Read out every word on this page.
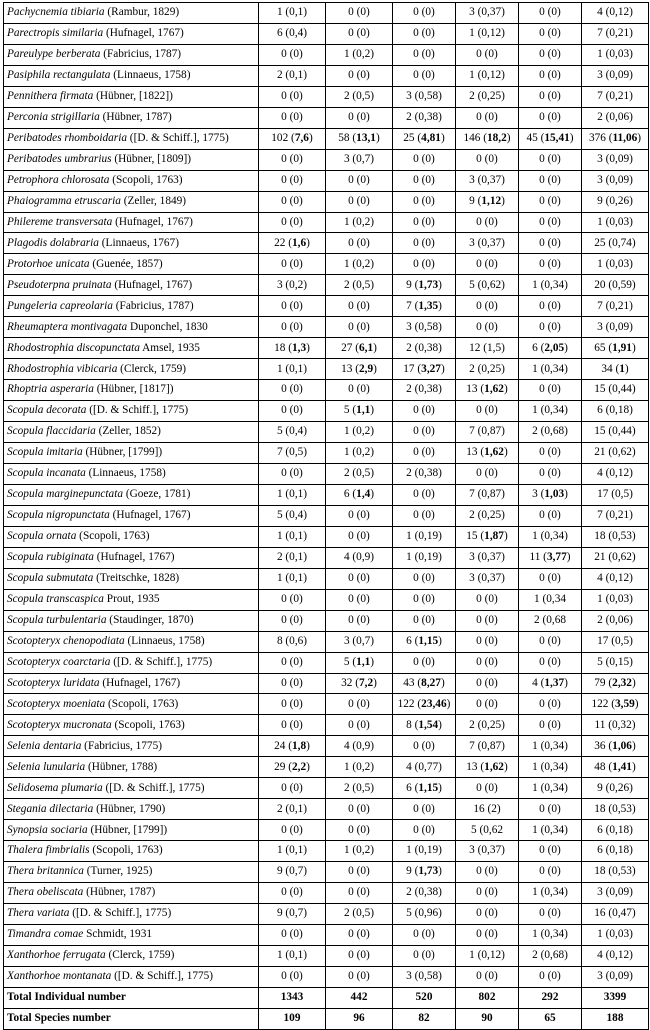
Pachycnemia tibiaria (Rambur, 1829)	1 (0,1)	0 (0)	0 (0)	3 (0,37)	0 (0)	4 (0,12)
Parectropis similaria (Hufnagel, 1767)	6 (0,4)	0 (0)	0 (0)	1 (0,12)	0 (0)	7 (0,21)
Pareulype berberata (Fabricius, 1787)	0 (0)	1 (0,2)	0 (0)	0 (0)	0 (0)	1 (0,03)
Pasiphila rectangulata (Linnaeus, 1758)	2 (0,1)	0 (0)	0 (0)	1 (0,12)	0 (0)	3 (0,09)
Pennithera firmata (Hübner, [1822])	0 (0)	2 (0,5)	3 (0,58)	2 (0,25)	0 (0)	7 (0,21)
Perconia strigillaria (Hübner, 1787)	0 (0)	0 (0)	2 (0,38)	0 (0)	0 (0)	2 (0,06)
Peribatodes rhomboidaria ([D. & Schiff.], 1775)	102 (7,6)	58 (13,1)	25 (4,81)	146 (18,2)	45 (15,41)	376 (11,06)
Peribatodes umbrarius (Hübner, [1809])	0 (0)	3 (0,7)	0 (0)	0 (0)	0 (0)	3 (0,09)
Petrophora chlorosata (Scopoli, 1763)	0 (0)	0 (0)	0 (0)	3 (0,37)	0 (0)	3 (0,09)
Phaiogramma etruscaria (Zeller, 1849)	0 (0)	0 (0)	0 (0)	9 (1,12)	0 (0)	9 (0,26)
Philereme transversata (Hufnagel, 1767)	0 (0)	1 (0,2)	0 (0)	0 (0)	0 (0)	1 (0,03)
Plagodis dolabraria (Linnaeus, 1767)	22 (1,6)	0 (0)	0 (0)	3 (0,37)	0 (0)	25 (0,74)
Protorhoe unicata (Guenée, 1857)	0 (0)	1 (0,2)	0 (0)	0 (0)	0 (0)	1 (0,03)
Pseudoterpna pruinata (Hufnagel, 1767)	3 (0,2)	2 (0,5)	9 (1,73)	5 (0,62)	1 (0,34)	20 (0,59)
Pungeleria capreolaria (Fabricius, 1787)	0 (0)	0 (0)	7 (1,35)	0 (0)	0 (0)	7 (0,21)
Rheumaptera montivagata Duponchel, 1830	0 (0)	0 (0)	3 (0,58)	0 (0)	0 (0)	3 (0,09)
Rhodostrophia discopunctata Amsel, 1935	18 (1,3)	27 (6,1)	2 (0,38)	12 (1,5)	6 (2,05)	65 (1,91)
Rhodostrophia vibicaria (Clerck, 1759)	1 (0,1)	13 (2,9)	17 (3,27)	2 (0,25)	1 (0,34)	34 (1)
Rhoptria asperaria (Hübner, [1817])	0 (0)	0 (0)	2 (0,38)	13 (1,62)	0 (0)	15 (0,44)
Scopula decorata ([D. & Schiff.], 1775)	0 (0)	5 (1,1)	0 (0)	0 (0)	1 (0,34)	6 (0,18)
Scopula flaccidaria (Zeller, 1852)	5 (0,4)	1 (0,2)	0 (0)	7 (0,87)	2 (0,68)	15 (0,44)
Scopula imitaria (Hübner, [1799])	7 (0,5)	1 (0,2)	0 (0)	13 (1,62)	0 (0)	21 (0,62)
Scopula incanata (Linnaeus, 1758)	0 (0)	2 (0,5)	2 (0,38)	0 (0)	0 (0)	4 (0,12)
Scopula marginepunctata (Goeze, 1781)	1 (0,1)	6 (1,4)	0 (0)	7 (0,87)	3 (1,03)	17 (0,5)
Scopula nigropunctata (Hufnagel, 1767)	5 (0,4)	0 (0)	0 (0)	2 (0,25)	0 (0)	7 (0,21)
Scopula ornata (Scopoli, 1763)	1 (0,1)	0 (0)	1 (0,19)	15 (1,87)	1 (0,34)	18 (0,53)
Scopula rubiginata (Hufnagel, 1767)	2 (0,1)	4 (0,9)	1 (0,19)	3 (0,37)	11 (3,77)	21 (0,62)
Scopula submutata (Treitschke, 1828)	1 (0,1)	0 (0)	0 (0)	3 (0,37)	0 (0)	4 (0,12)
Scopula transcaspica Prout, 1935	0 (0)	0 (0)	0 (0)	0 (0)	1 (0,34	1 (0,03)
Scopula turbulentaria (Staudinger, 1870)	0 (0)	0 (0)	0 (0)	0 (0)	2 (0,68	2 (0,06)
Scotopteryx chenopodiata (Linnaeus, 1758)	8 (0,6)	3 (0,7)	6 (1,15)	0 (0)	0 (0)	17 (0,5)
Scotopteryx coarctaria ([D. & Schiff.], 1775)	0 (0)	5 (1,1)	0 (0)	0 (0)	0 (0)	5 (0,15)
Scotopteryx luridata (Hufnagel, 1767)	0 (0)	32 (7,2)	43 (8,27)	0 (0)	4 (1,37)	79 (2,32)
Scotopteryx moeniata (Scopoli, 1763)	0 (0)	0 (0)	122 (23,46)	0 (0)	0 (0)	122 (3,59)
Scotopteryx mucronata (Scopoli, 1763)	0 (0)	0 (0)	8 (1,54)	2 (0,25)	0 (0)	11 (0,32)
Selenia dentaria (Fabricius, 1775)	24 (1,8)	4 (0,9)	0 (0)	7 (0,87)	1 (0,34)	36 (1,06)
Selenia lunularia (Hübner, 1788)	29 (2,2)	1 (0,2)	4 (0,77)	13 (1,62)	1 (0,34)	48 (1,41)
Selidosema plumaria ([D. & Schiff.], 1775)	0 (0)	2 (0,5)	6 (1,15)	0 (0)	1 (0,34)	9 (0,26)
Stegania dilectaria (Hübner, 1790)	2 (0,1)	0 (0)	0 (0)	16 (2)	0 (0)	18 (0,53)
Synopsia sociaria (Hübner, [1799])	0 (0)	0 (0)	0 (0)	5 (0,62	1 (0,34)	6 (0,18)
Thalera fimbrialis (Scopoli, 1763)	1 (0,1)	1 (0,2)	1 (0,19)	3 (0,37)	0 (0)	6 (0,18)
Thera britannica (Turner, 1925)	9 (0,7)	0 (0)	9 (1,73)	0 (0)	0 (0)	18 (0,53)
Thera obeliscata (Hübner, 1787)	0 (0)	0 (0)	2 (0,38)	0 (0)	1 (0,34)	3 (0,09)
Thera variata ([D. & Schiff.], 1775)	9 (0,7)	2 (0,5)	5 (0,96)	0 (0)	0 (0)	16 (0,47)
Timandra comae Schmidt, 1931	0 (0)	0 (0)	0 (0)	0 (0)	1 (0,34)	1 (0,03)
Xanthorhoe ferrugata (Clerck, 1759)	1 (0,1)	0 (0)	0 (0)	1 (0,12)	2 (0,68)	4 (0,12)
Xanthorhoe montanata ([D. & Schiff.], 1775)	0 (0)	0 (0)	3 (0,58)	0 (0)	0 (0)	3 (0,09)
Total Individual number	1343	442	520	802	292	3399
Total Species number	109	96	82	90	65	188
